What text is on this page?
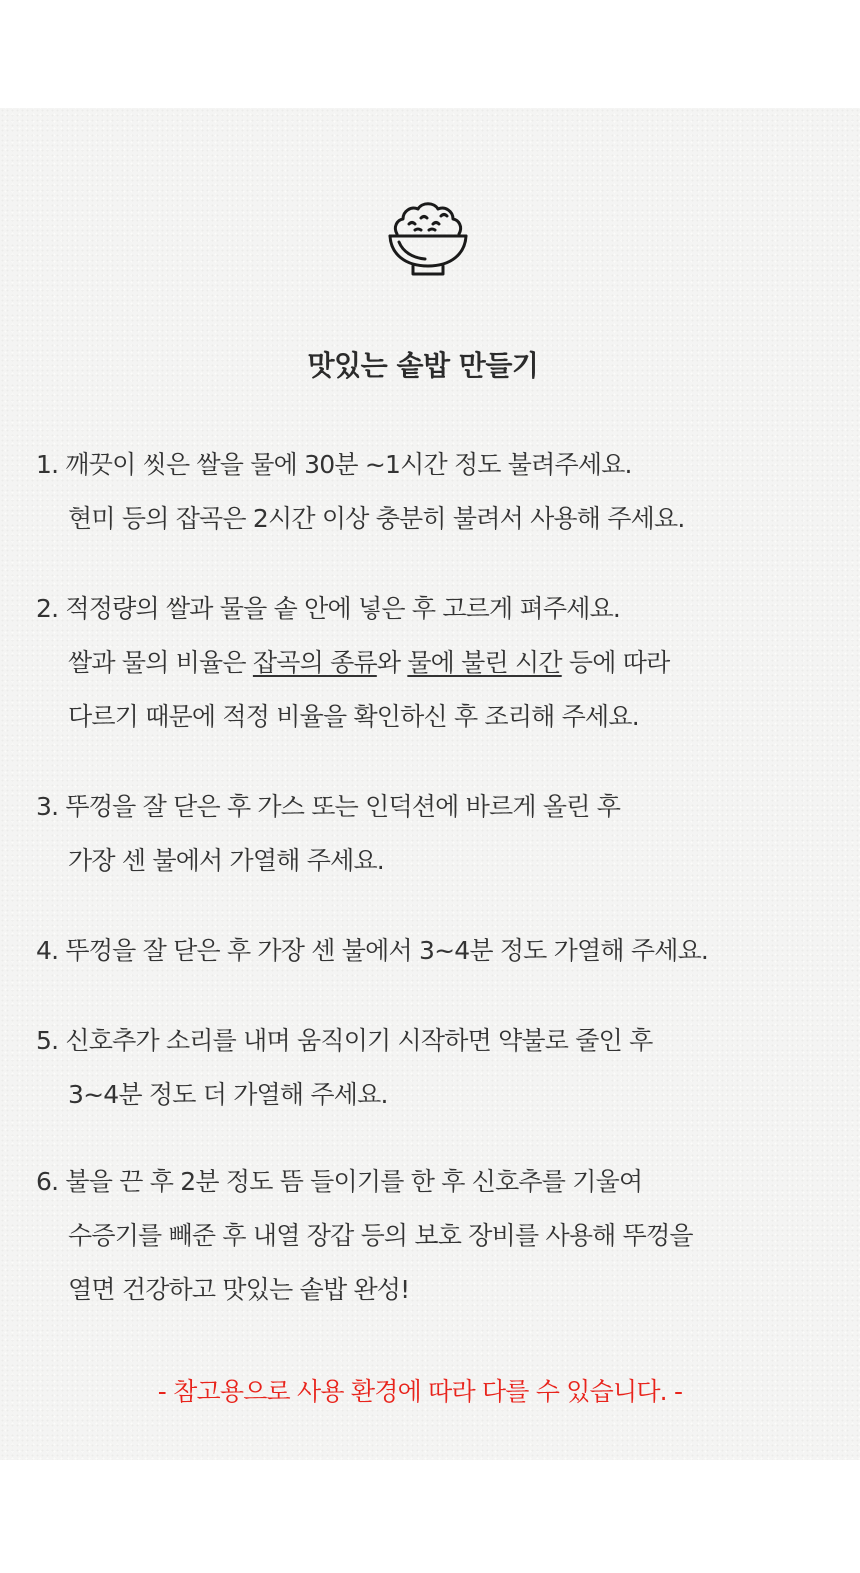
맛있는 솥밥 만들기
1. 깨끗이 씻은 쌀을 물에 30분 ~1시간 정도 불려주세요.
현미 등의 잡곡은 2시간 이상 충분히 불려서 사용해 주세요.
2. 적정량의 쌀과 물을 솥 안에 넣은 후 고르게 펴주세요.
쌀과 물의 비율은 잡곡의 종류와 물에 불린 시간 등에 따라
다르기 때문에 적정 비율을 확인하신 후 조리해 주세요.
3. 뚜껑을 잘 닫은 후 가스 또는 인덕션에 바르게 올린 후
가장 센 불에서 가열해 주세요.
4. 뚜껑을 잘 닫은 후 가장 센 불에서 3~4분 정도 가열해 주세요.
5. 신호추가 소리를 내며 움직이기 시작하면 약불로 줄인 후
3~4분 정도 더 가열해 주세요.
6. 불을 끈 후 2분 정도 뜸 들이기를 한 후 신호추를 기울여
수증기를 빼준 후 내열 장갑 등의 보호 장비를 사용해 뚜껑을
열면 건강하고 맛있는 솥밥 완성!
- 참고용으로 사용 환경에 따라 다를 수 있습니다. -
